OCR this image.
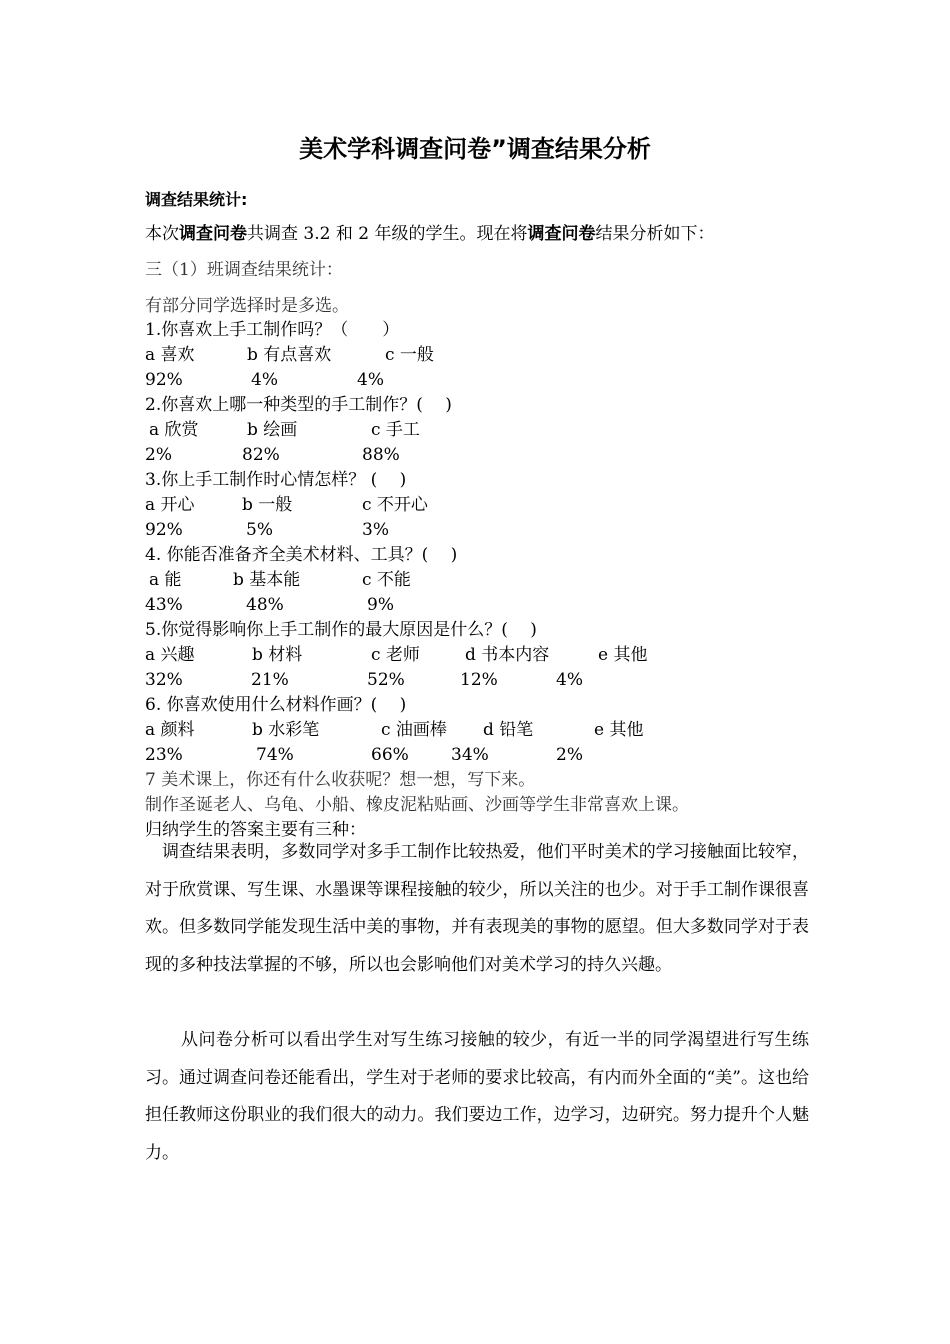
美术学科调查问卷”调查结果分析
调查结果统计:
本次调查问卷共调查 3.2 和 2 年级的学生。现在将调查问卷结果分析如下：
三（1）班调查结果统计：
有部分同学选择时是多选。
1.你喜欢上手工制作吗？（　　）
a 喜欢	b 有点喜欢	c 一般
92%	4%	4%
2.你喜欢上哪一种类型的手工制作？(　 )
a 欣赏	b 绘画	c 手工
2%	82%	88%
3.你上手工制作时心情怎样？ (　 )
a 开心	b 一般	c 不开心
92%	5%	3%
4. 你能否准备齐全美术材料、工具？(　 )
a 能	b 基本能	c 不能
43%	48%	9%
5.你觉得影响你上手工制作的最大原因是什么？(　 )
a 兴趣	b 材料	c 老师	d 书本内容	e 其他
32%	21%	52%	12%	4%
6. 你喜欢使用什么材料作画？(　 )
a 颜料	b 水彩笔	c 油画棒 d 铅笔	e 其他
23%	74%	66% 34%	2%
7 美术课上，你还有什么收获呢？想一想，写下来。
制作圣诞老人、乌龟、小船、橡皮泥粘贴画、沙画等学生非常喜欢上课。
归纳学生的答案主要有三种：
调查结果表明，多数同学对多手工制作比较热爱，他们平时美术的学习接触面比较窄，对于欣赏课、写生课、水墨课等课程接触的较少，所以关注的也少。对于手工制作课很喜欢。但多数同学能发现生活中美的事物，并有表现美的事物的愿望。但大多数同学对于表现的多种技法掌握的不够，所以也会影响他们对美术学习的持久兴趣。
从问卷分析可以看出学生对写生练习接触的较少，有近一半的同学渴望进行写生练习。通过调查问卷还能看出，学生对于老师的要求比较高，有内而外全面的“美”。这也给担任教师这份职业的我们很大的动力。我们要边工作，边学习，边研究。努力提升个人魅力。
